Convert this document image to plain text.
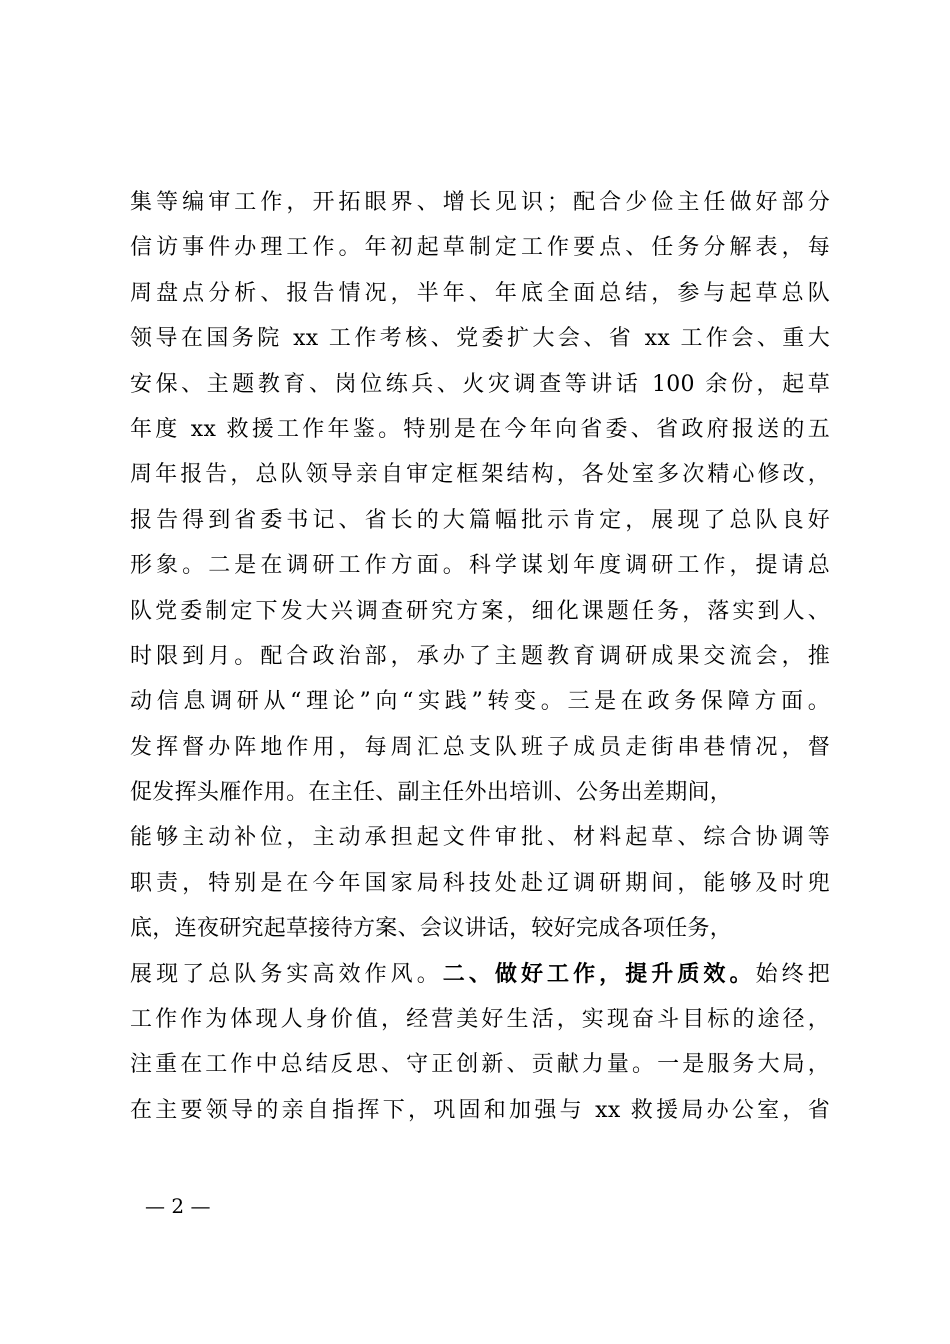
集等编审工作，开拓眼界、增长见识；配合少俭主任做好部分
信访事件办理工作。年初起草制定工作要点、任务分解表，每
周盘点分析、报告情况，半年、年底全面总结，参与起草总队
领导在国务院 xx 工作考核、党委扩大会、省 xx 工作会、重大
安保、主题教育、岗位练兵、火灾调查等讲话 100 余份，起草
年度 xx 救援工作年鉴。特别是在今年向省委、省政府报送的五
周年报告，总队领导亲自审定框架结构，各处室多次精心修改，
报告得到省委书记、省长的大篇幅批示肯定，展现了总队良好
形象。二是在调研工作方面。科学谋划年度调研工作，提请总
队党委制定下发大兴调查研究方案，细化课题任务，落实到人、
时限到月。配合政治部，承办了主题教育调研成果交流会，推
动信息调研从“理论”向“实践”转变。三是在政务保障方面。
发挥督办阵地作用，每周汇总支队班子成员走街串巷情况，督
促发挥头雁作用。在主任、副主任外出培训、公务出差期间，
能够主动补位，主动承担起文件审批、材料起草、综合协调等
职责，特别是在今年国家局科技处赴辽调研期间，能够及时兜
底，连夜研究起草接待方案、会议讲话，较好完成各项任务，
展现了总队务实高效作风。二、做好工作，提升质效。始终把
工作作为体现人身价值，经营美好生活，实现奋斗目标的途径，
注重在工作中总结反思、守正创新、贡献力量。一是服务大局，
在主要领导的亲自指挥下，巩固和加强与 xx 救援局办公室，省
— 2 —
